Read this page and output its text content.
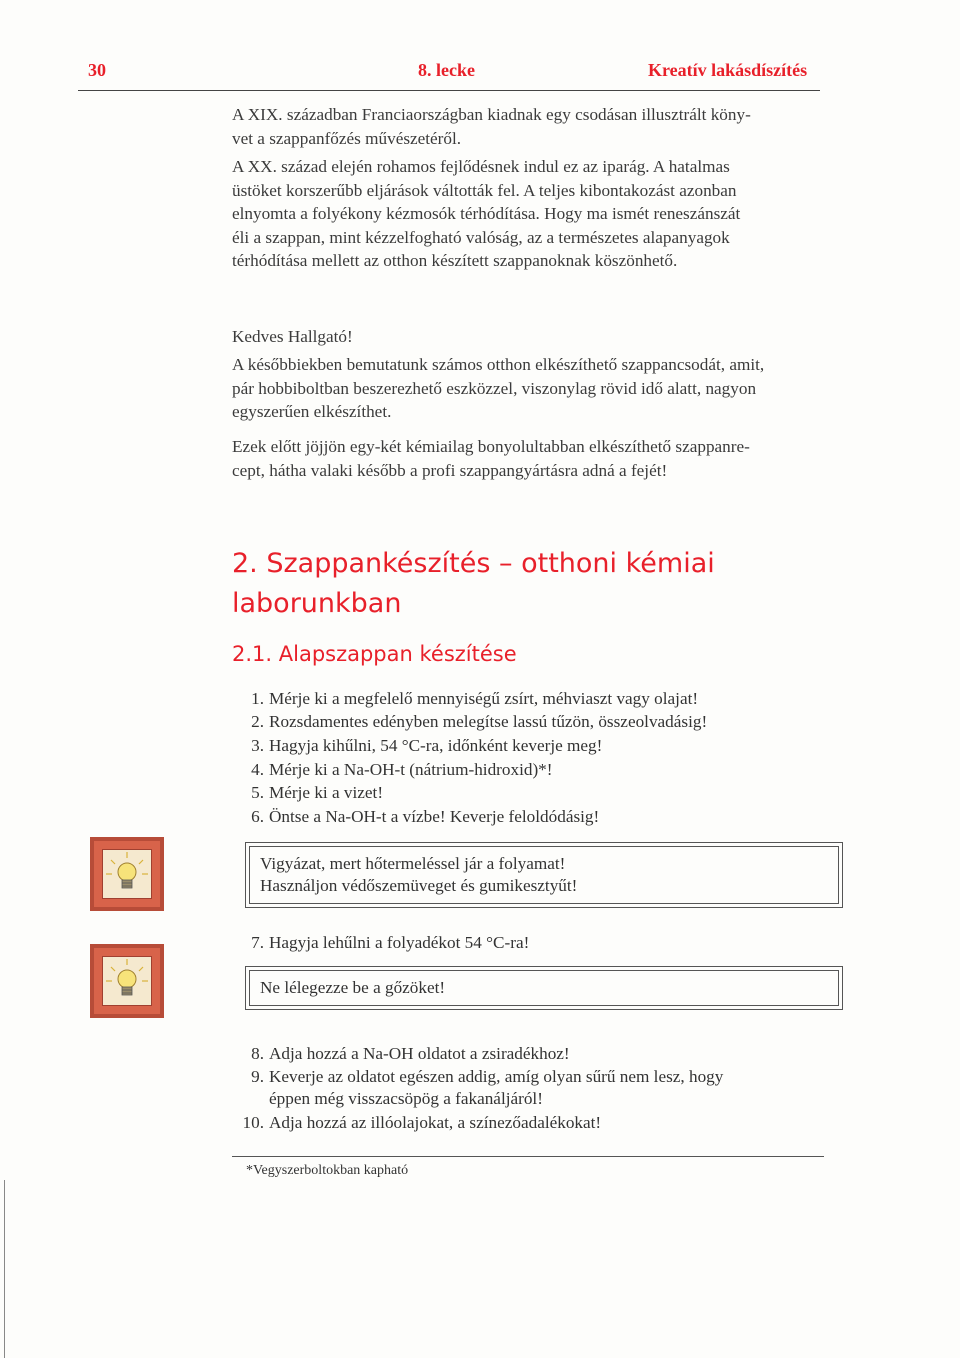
30	8. lecke	Kreatív lakásdíszítés

A XIX. században Franciaországban kiadnak egy csodásan illusztrált köny-
vet a szappanfőzés művészetéről.

A XX. század elején rohamos fejlődésnek indul ez az iparág. A hatalmas
üstöket korszerűbb eljárások váltották fel. A teljes kibontakozást azonban
elnyomta a folyékony kézmosók térhódítása. Hogy ma ismét reneszánszát
éli a szappan, mint kézzelfogható valóság, az a természetes alapanyagok
térhódítása mellett az otthon készített szappanoknak köszönhető.

Kedves Hallgató!

A későbbiekben bemutatunk számos otthon elkészíthető szappancsodát, amit,
pár hobbiboltban beszerezhető eszközzel, viszonylag rövid idő alatt, nagyon
egyszerűen elkészíthet.

Ezek előtt jöjjön egy-két kémiailag bonyolultabban elkészíthető szappanre-
cept, hátha valaki később a profi szappangyártásra adná a fejét!

2. Szappankészítés – otthoni kémiai
laborunkban
2.1. Alapszappan készítése

1. Mérje ki a megfelelő mennyiségű zsírt, méhviaszt vagy olajat!

2. Rozsdamentes edényben melegítse lassú tűzön, összeolvadásig!

3. Hagyja kihűlni, 54 °C-ra, időnként keverje meg!

4. Mérje ki a Na-OH-t (nátrium-hidroxid)*!

5. Mérje ki a vizet!

6. Öntse a Na-OH-t a vízbe! Keverje feloldódásig!

Vigyázat, mert hőtermeléssel jár a folyamat!
Használjon védőszemüveget és gumikesztyűt!

7. Hagyja lehűlni a folyadékot 54 °C-ra!

Ne lélegezze be a gőzöket!

8. Adja hozzá a Na-OH oldatot a zsiradékhoz!

9. Keverje az oldatot egészen addig, amíg olyan sűrű nem lesz, hogy
éppen még visszacsöpög a fakanáljáról!

10. Adja hozzá az illóolajokat, a színezőadalékokat!

*Vegyszerboltokban kapható
